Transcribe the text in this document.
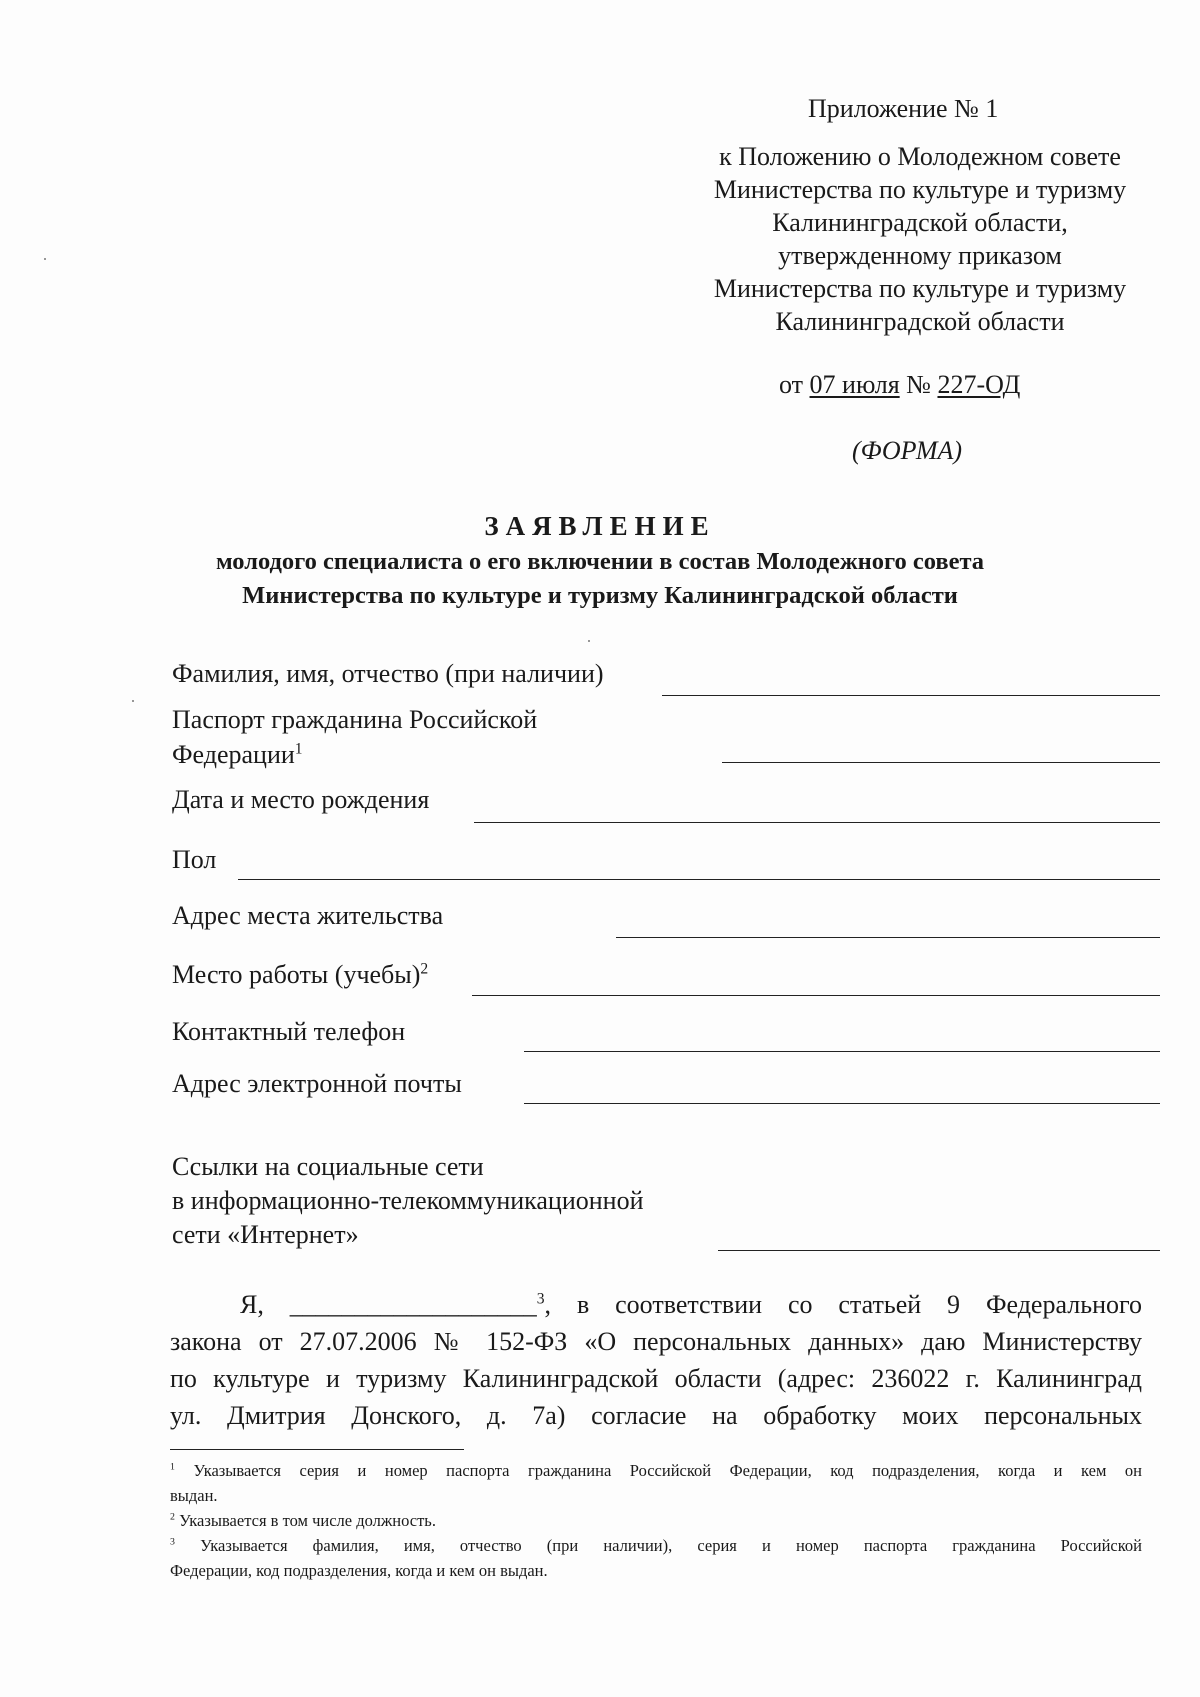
Приложение № 1
к Положению о Молодежном совете
Министерства по культуре и туризму
Калининградской области,
утвержденному приказом
Министерства по культуре и туризму
Калининградской области
от 07 июля № 227-ОД
(ФОРМА)
ЗАЯВЛЕНИЕ
молодого специалиста о его включении в состав Молодежного совета
Министерства по культуре и туризму Калининградской области
Фамилия, имя, отчество (при наличии)
Паспорт гражданина Российской
Федерации$^1$
Дата и место рождения
Пол
Адрес места жительства
Место работы (учебы)$^2$
Контактный телефон
Адрес электронной почты
Ссылки на социальные сети
в информационно-телекоммуникационной
сети «Интернет»
Я, ___________________$^3$, в соответствии со статьей 9 Федерального
закона от 27.07.2006 № 152-ФЗ «О персональных данных» даю Министерству
по культуре и туризму Калининградской области (адрес: 236022 г. Калининград
ул. Дмитрия Донского, д. 7а) согласие на обработку моих персональных
$^1$ Указывается серия и номер паспорта гражданина Российской Федерации, код подразделения, когда и кем он
выдан.
$^2$ Указывается в том числе должность.
$^3$ Указывается фамилия, имя, отчество (при наличии), серия и номер паспорта гражданина Российской
Федерации, код подразделения, когда и кем он выдан.
